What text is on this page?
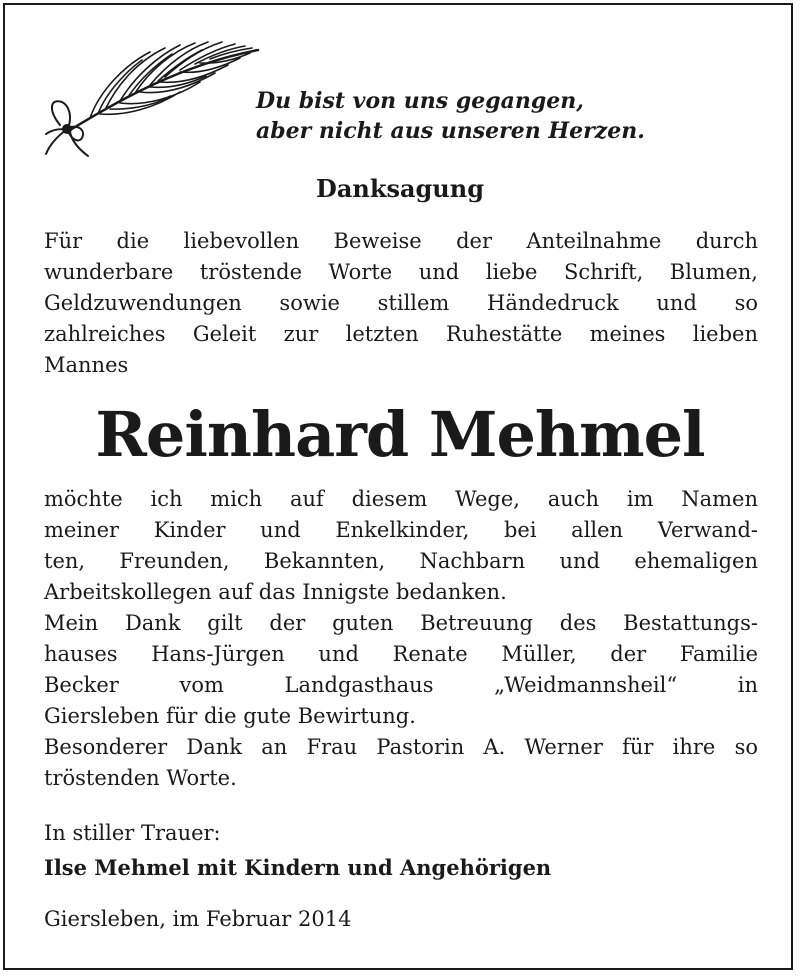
Du bist von uns gegangen,
aber nicht aus unseren Herzen.
Danksagung
Für die liebevollen Beweise der Anteilnahme durch
wunderbare tröstende Worte und liebe Schrift, Blumen,
Geldzuwendungen sowie stillem Händedruck und so
zahlreiches Geleit zur letzten Ruhestätte meines lieben
Mannes
Reinhard Mehmel
möchte ich mich auf diesem Wege, auch im Namen
meiner Kinder und Enkelkinder, bei allen Verwand-
ten, Freunden, Bekannten, Nachbarn und ehemaligen
Arbeitskollegen auf das Innigste bedanken.
Mein Dank gilt der guten Betreuung des Bestattungs-
hauses Hans-Jürgen und Renate Müller, der Familie
Becker vom Landgasthaus „Weidmannsheil“ in
Giersleben für die gute Bewirtung.
Besonderer Dank an Frau Pastorin A. Werner für ihre so
tröstenden Worte.
In stiller Trauer:
Ilse Mehmel mit Kindern und Angehörigen
Giersleben, im Februar 2014
